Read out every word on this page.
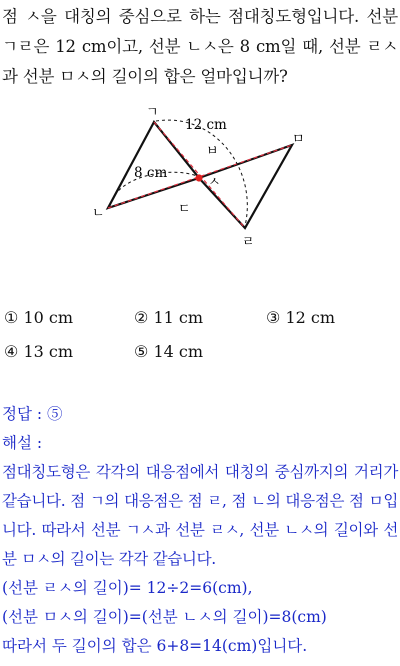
점 ㅅ을 대칭의 중심으로 하는 점대칭도형입니다. 선분 ㄱㄹ은 12 cm이고, 선분 ㄴㅅ은 8 cm일 때, 선분 ㄹㅅ과 선분 ㅁㅅ의 길이의 합은 얼마입니까?

ㄱ
ㄴ	ㄷ
ㄹ
ㅁ
ㅂ
ㅅ
12 cm
8 cm
① 10 cm	② 11 cm	③ 12 cm
④ 13 cm	⑤ 14 cm

정답 : ⑤

해설 :

점대칭도형은 각각의 대응점에서 대칭의 중심까지의 거리가 같습니다. 점 ㄱ의 대응점은 점 ㄹ, 점 ㄴ의 대응점은 점 ㅁ입니다. 따라서 선분 ㄱㅅ과 선분 ㄹㅅ, 선분 ㄴㅅ의 길이와 선분 ㅁㅅ의 길이는 각각 같습니다.

(선분 ㄹㅅ의 길이)= 12÷2=6(cm),

(선분 ㅁㅅ의 길이)=(선분 ㄴㅅ의 길이)=8(cm)

따라서 두 길이의 합은 6+8=14(cm)입니다.
